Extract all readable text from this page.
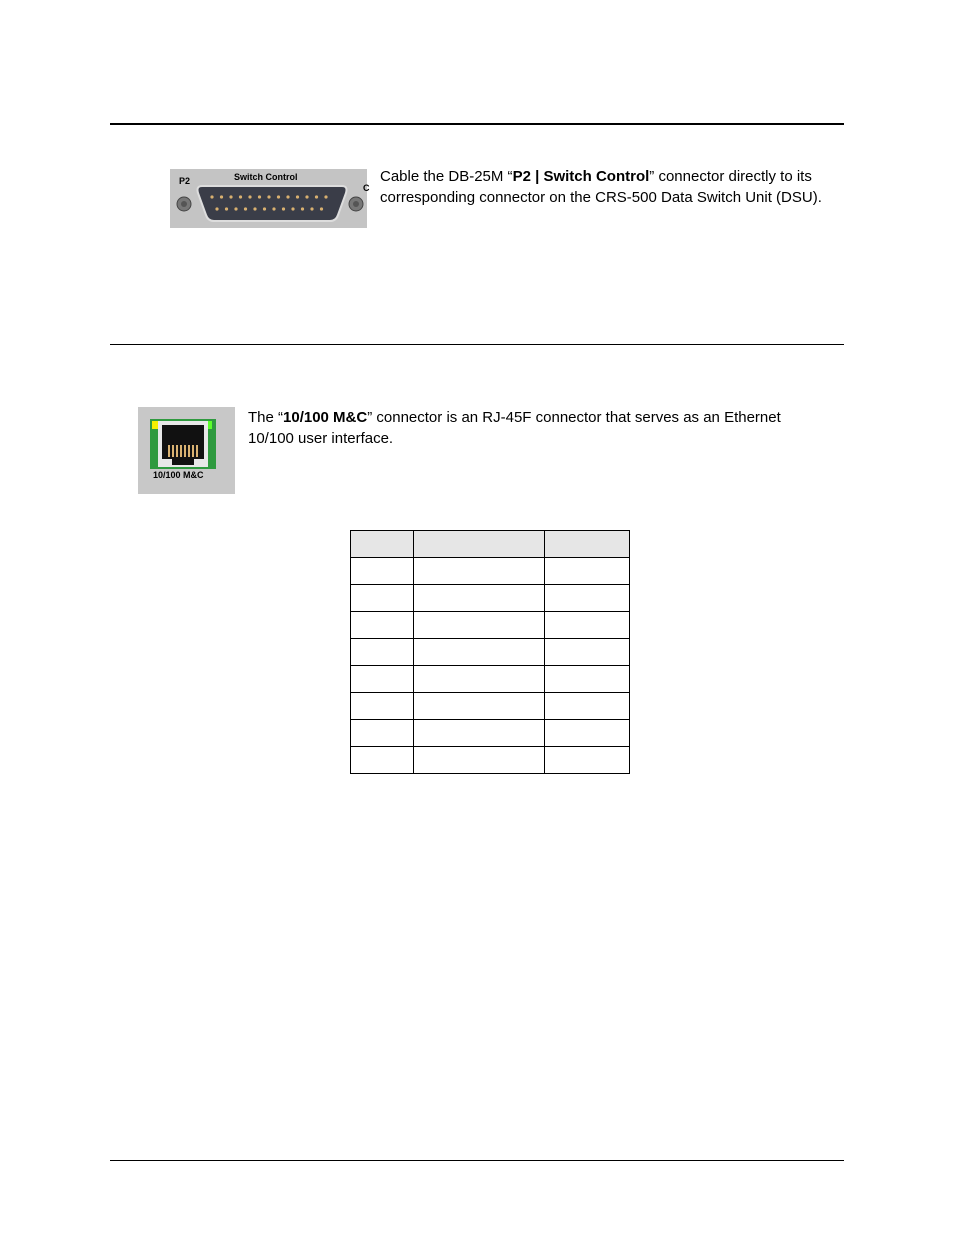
P2	Switch Control
C
Cable the DB-25M “P2 | Switch Control” connector directly to its corresponding connector on the CRS-500 Data Switch Unit (DSU).
10/100 M&C
The “10/100 M&C” connector is an RJ-45F connector that serves as an Ethernet 10/100 user interface.
